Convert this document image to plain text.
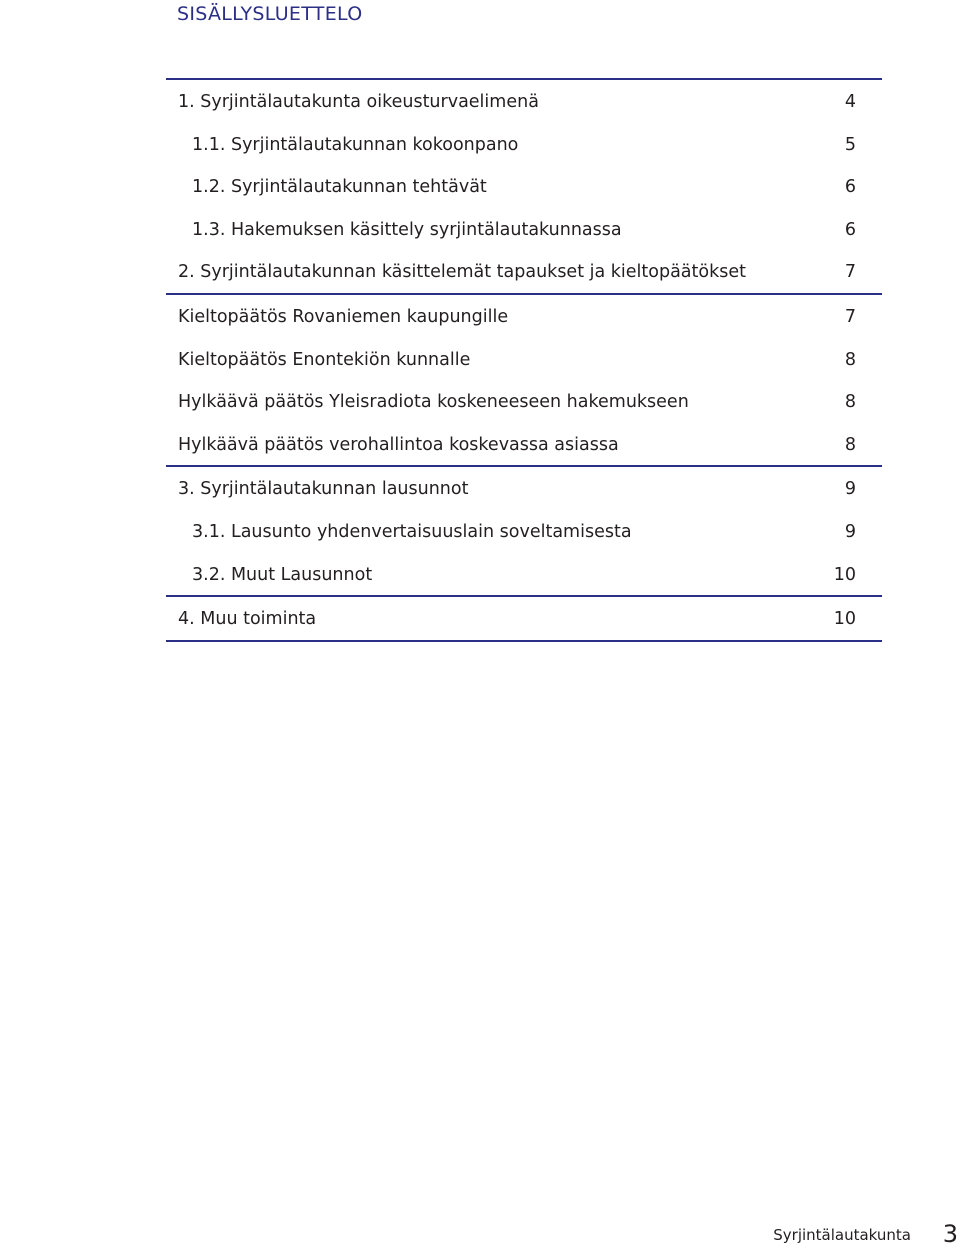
SISÄLLYSLUETTELO
1. Syrjintälautakunta oikeusturvaelimenä	4
1.1. Syrjintälautakunnan kokoonpano	5
1.2. Syrjintälautakunnan tehtävät	6
1.3. Hakemuksen käsittely syrjintälautakunnassa	6
2. Syrjintälautakunnan käsittelemät tapaukset ja kieltopäätökset	7
Kieltopäätös Rovaniemen kaupungille	7
Kieltopäätös Enontekiön kunnalle	8
Hylkäävä päätös Yleisradiota koskeneeseen hakemukseen	8
Hylkäävä päätös verohallintoa koskevassa asiassa	8
3. Syrjintälautakunnan lausunnot	9
3.1. Lausunto yhdenvertaisuuslain soveltamisesta	9
3.2. Muut Lausunnot	10
4. Muu toiminta	10
Syrjintälautakunta 3
